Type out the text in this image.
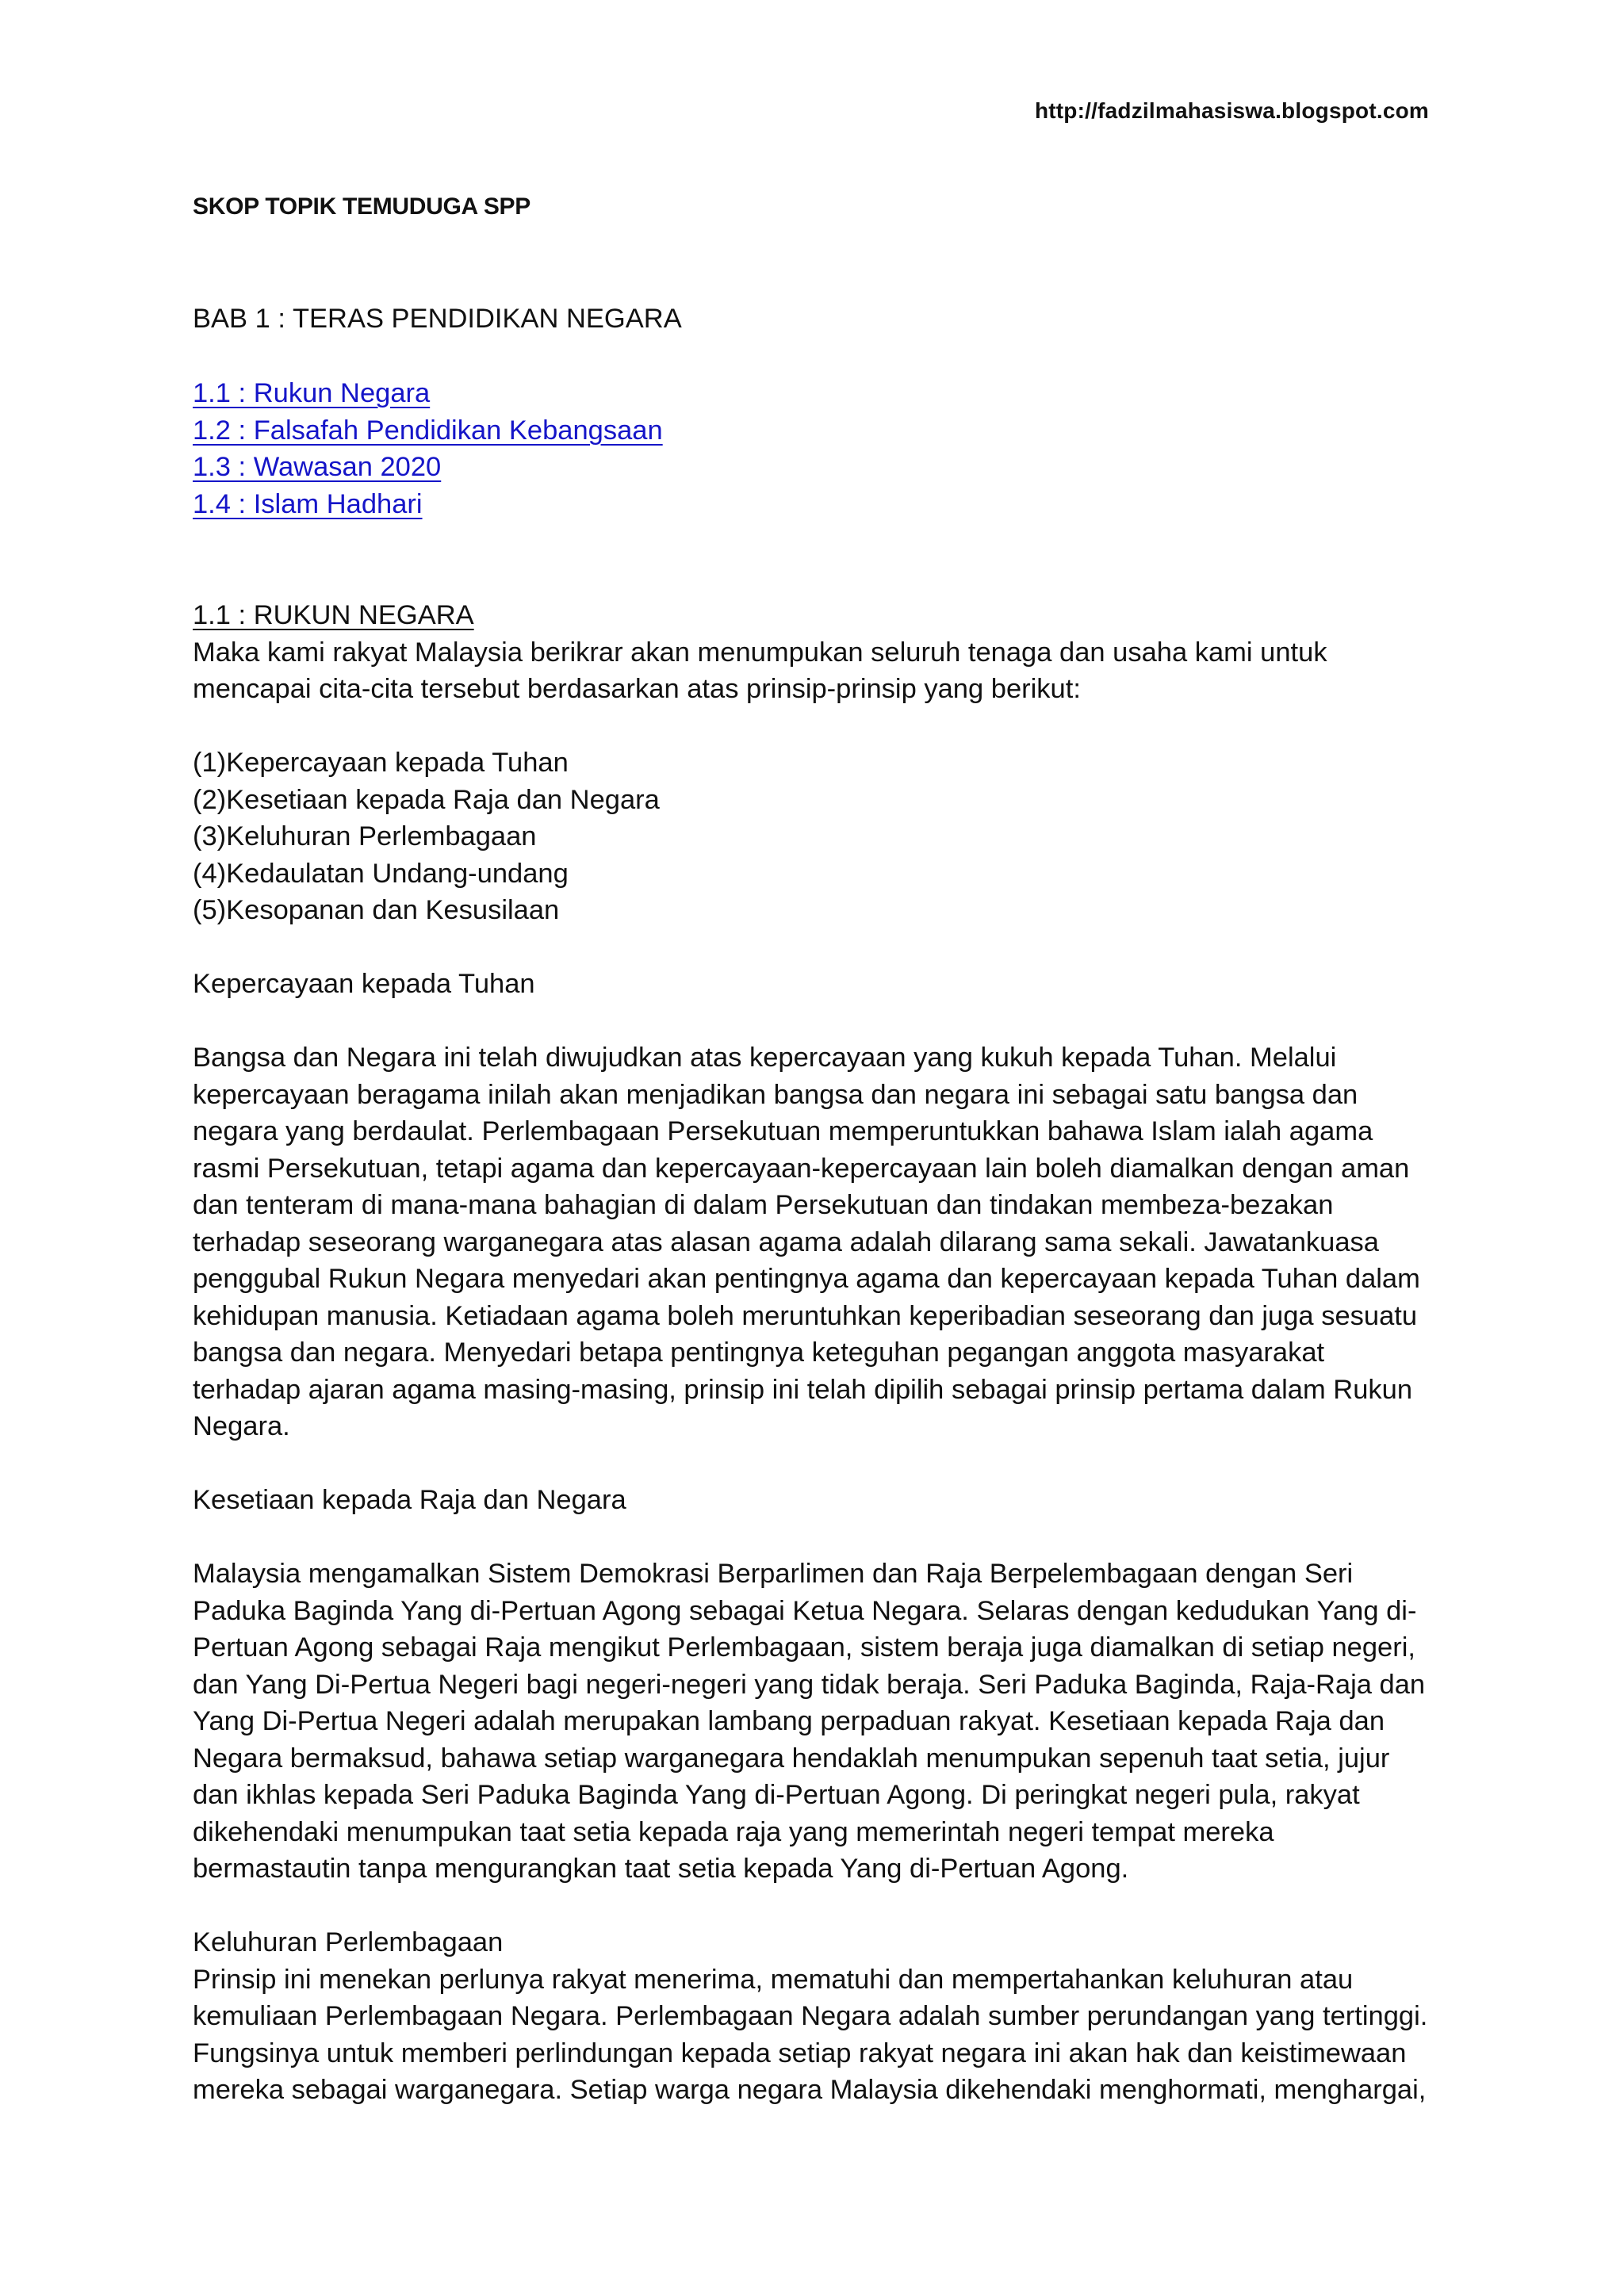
http://fadzilmahasiswa.blogspot.com
SKOP TOPIK TEMUDUGA SPP
BAB 1 : TERAS PENDIDIKAN NEGARA
1.1 : Rukun Negara
1.2 : Falsafah Pendidikan Kebangsaan
1.3 : Wawasan 2020
1.4 : Islam Hadhari
1.1 : RUKUN NEGARA

Maka kami rakyat Malaysia berikrar akan menumpukan seluruh tenaga dan usaha kami untuk mencapai cita-cita tersebut berdasarkan atas prinsip-prinsip yang berikut:

(1)Kepercayaan kepada Tuhan
(2)Kesetiaan kepada Raja dan Negara
(3)Keluhuran Perlembagaan
(4)Kedaulatan Undang-undang
(5)Kesopanan dan Kesusilaan

Kepercayaan kepada Tuhan

Bangsa dan Negara ini telah diwujudkan atas kepercayaan yang kukuh kepada Tuhan. Melalui kepercayaan beragama inilah akan menjadikan bangsa dan negara ini sebagai satu bangsa dan negara yang berdaulat. Perlembagaan Persekutuan memperuntukkan bahawa Islam ialah agama rasmi Persekutuan, tetapi agama dan kepercayaan-kepercayaan lain boleh diamalkan dengan aman dan tenteram di mana-mana bahagian di dalam Persekutuan dan tindakan membeza-bezakan terhadap seseorang warganegara atas alasan agama adalah dilarang sama sekali. Jawatankuasa penggubal Rukun Negara menyedari akan pentingnya agama dan kepercayaan kepada Tuhan dalam kehidupan manusia. Ketiadaan agama boleh meruntuhkan keperibadian seseorang dan juga sesuatu bangsa dan negara. Menyedari betapa pentingnya keteguhan pegangan anggota masyarakat terhadap ajaran agama masing-masing, prinsip ini telah dipilih sebagai prinsip pertama dalam Rukun Negara.

Kesetiaan kepada Raja dan Negara

Malaysia mengamalkan Sistem Demokrasi Berparlimen dan Raja Berpelembagaan dengan Seri Paduka Baginda Yang di-Pertuan Agong sebagai Ketua Negara. Selaras dengan kedudukan Yang di-Pertuan Agong sebagai Raja mengikut Perlembagaan, sistem beraja juga diamalkan di setiap negeri, dan Yang Di-Pertua Negeri bagi negeri-negeri yang tidak beraja. Seri Paduka Baginda, Raja-Raja dan Yang Di-Pertua Negeri adalah merupakan lambang perpaduan rakyat. Kesetiaan kepada Raja dan Negara bermaksud, bahawa setiap warganegara hendaklah menumpukan sepenuh taat setia, jujur dan ikhlas kepada Seri Paduka Baginda Yang di-Pertuan Agong. Di peringkat negeri pula, rakyat dikehendaki menumpukan taat setia kepada raja yang memerintah negeri tempat mereka bermastautin tanpa mengurangkan taat setia kepada Yang di-Pertuan Agong.

Keluhuran Perlembagaan

Prinsip ini menekan perlunya rakyat menerima, mematuhi dan mempertahankan keluhuran atau kemuliaan Perlembagaan Negara. Perlembagaan Negara adalah sumber perundangan yang tertinggi. Fungsinya untuk memberi perlindungan kepada setiap rakyat negara ini akan hak dan keistimewaan mereka sebagai warganegara. Setiap warga negara Malaysia dikehendaki menghormati, menghargai,
